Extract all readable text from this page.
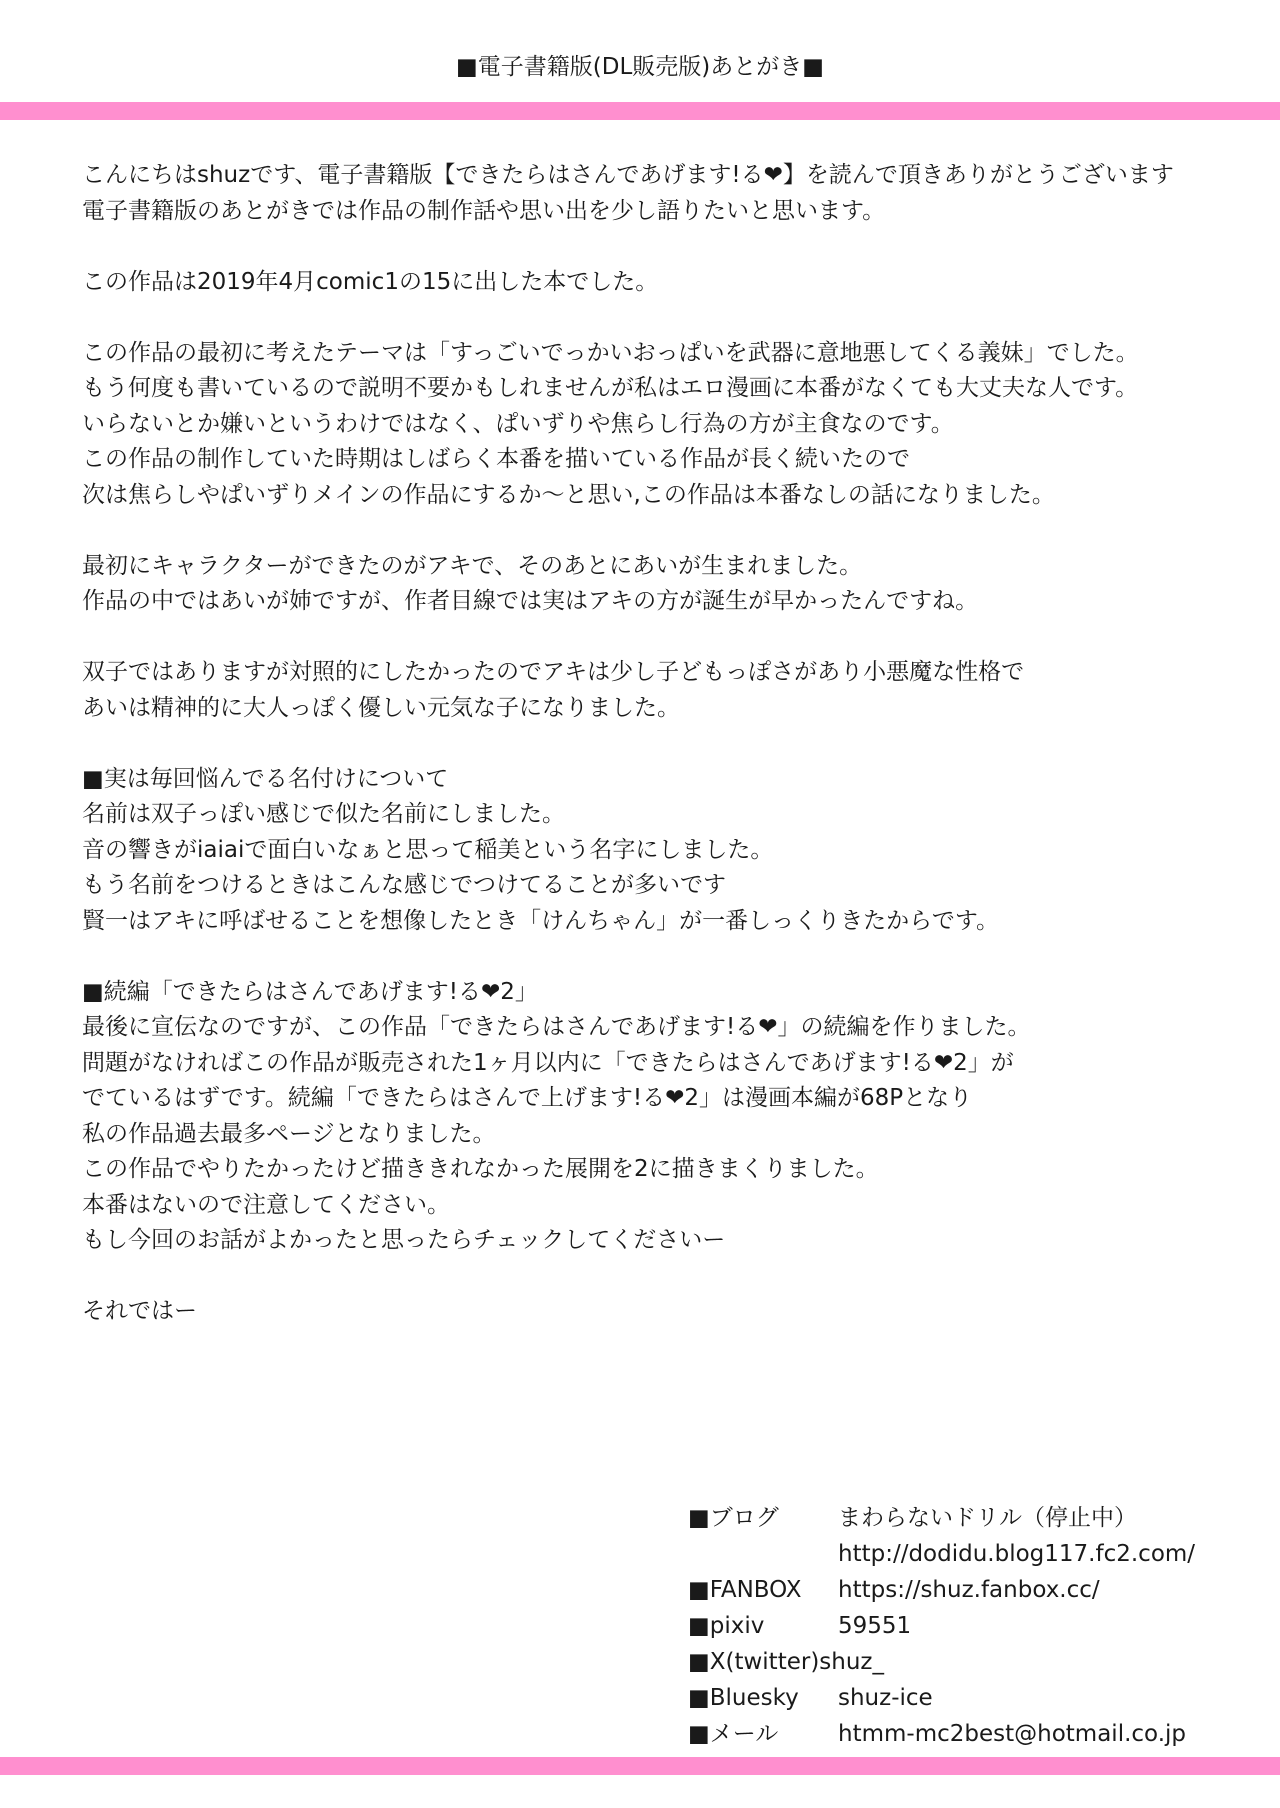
■電子書籍版(DL販売版)あとがき■
こんにちはshuzです、電子書籍版【できたらはさんであげます!る❤】を読んで頂きありがとうございます
電子書籍版のあとがきでは作品の制作話や思い出を少し語りたいと思います。
この作品は2019年4月comic1の15に出した本でした。
この作品の最初に考えたテーマは「すっごいでっかいおっぱいを武器に意地悪してくる義妹」でした。
もう何度も書いているので説明不要かもしれませんが私はエロ漫画に本番がなくても大丈夫な人です。
いらないとか嫌いというわけではなく、ぱいずりや焦らし行為の方が主食なのです。
この作品の制作していた時期はしばらく本番を描いている作品が長く続いたので
次は焦らしやぱいずりメインの作品にするか～と思い,この作品は本番なしの話になりました。
最初にキャラクターができたのがアキで、そのあとにあいが生まれました。
作品の中ではあいが姉ですが、作者目線では実はアキの方が誕生が早かったんですね。
双子ではありますが対照的にしたかったのでアキは少し子どもっぽさがあり小悪魔な性格で
あいは精神的に大人っぽく優しい元気な子になりました。
■実は毎回悩んでる名付けについて
名前は双子っぽい感じで似た名前にしました。
音の響きがiaiaiで面白いなぁと思って稲美という名字にしました。
もう名前をつけるときはこんな感じでつけてることが多いです
賢一はアキに呼ばせることを想像したとき「けんちゃん」が一番しっくりきたからです。
■続編「できたらはさんであげます!る❤2」
最後に宣伝なのですが、この作品「できたらはさんであげます!る❤」の続編を作りました。
問題がなければこの作品が販売された1ヶ月以内に「できたらはさんであげます!る❤2」が
でているはずです。続編「できたらはさんで上げます!る❤2」は漫画本編が68Pとなり
私の作品過去最多ページとなりました。
この作品でやりたかったけど描ききれなかった展開を2に描きまくりました。
本番はないので注意してください。
もし今回のお話がよかったと思ったらチェックしてくださいー
それではー
■ブログ	まわらないドリル（停止中）
http://dodidu.blog117.fc2.com/
■FANBOX https://shuz.fanbox.cc/
■pixiv	59551
■X(twitter)shuz_
■Bluesky shuz-ice
■メール	htmm-mc2best@hotmail.co.jp
